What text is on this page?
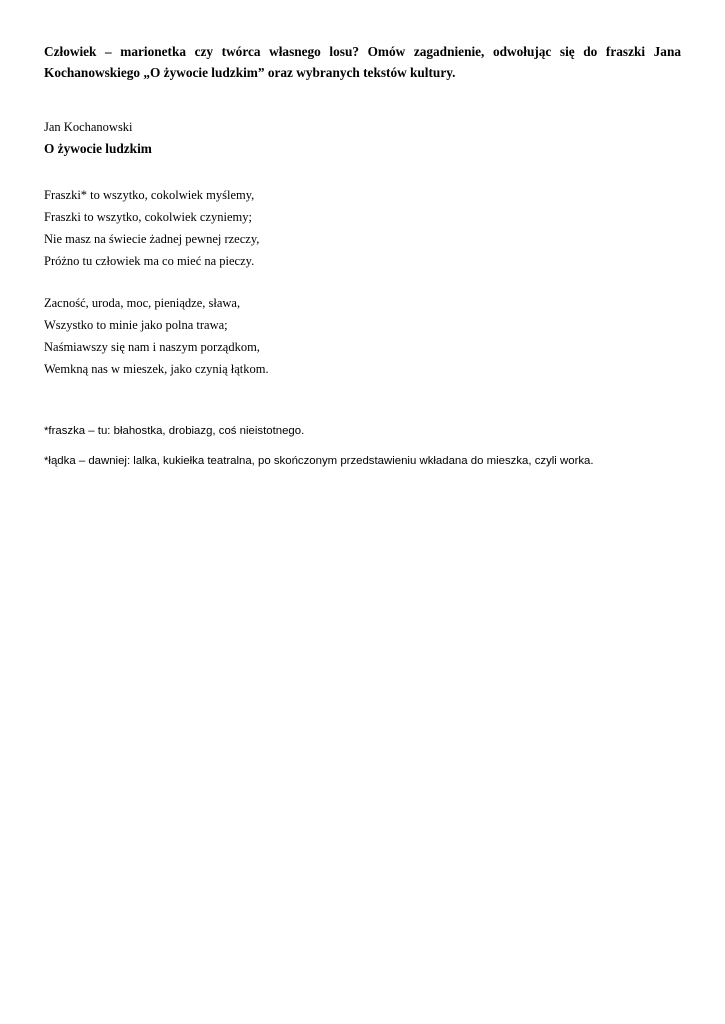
Człowiek – marionetka czy twórca własnego losu? Omów zagadnienie, odwołując się do fraszki Jana Kochanowskiego „O żywocie ludzkim” oraz wybranych tekstów kultury.

Jan Kochanowski

O żywocie ludzkim

Fraszki* to wszytko, cokolwiek myślemy,
Fraszki to wszytko, cokolwiek czyniemy;
Nie masz na świecie żadnej pewnej rzeczy,
Próżno tu człowiek ma co mieć na pieczy.
Zacność, uroda, moc, pieniądze, sława,
Wszystko to minie jako polna trawa;
Naśmiawszy się nam i naszym porządkom,
Wemkną nas w mieszek, jako czynią łątkom.

*fraszka – tu: błahostka, drobiazg, coś nieistotnego.

*łądka – dawniej: lalka, kukiełka teatralna, po skończonym przedstawieniu wkładana do mieszka, czyli worka.
